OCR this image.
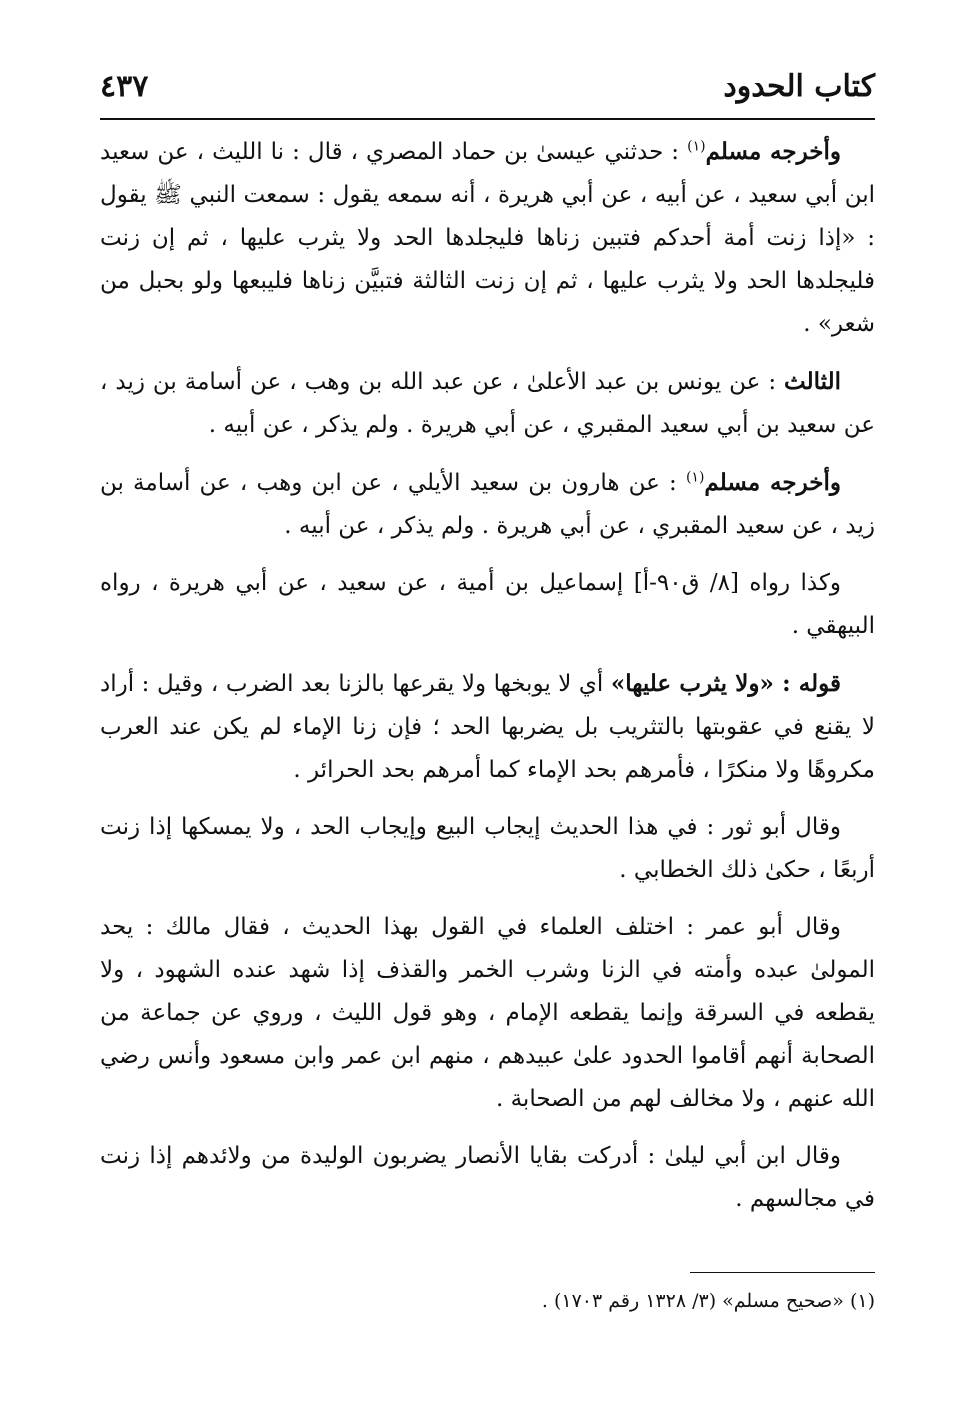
كتاب الحدود
٤٣٧

وأخرجه مسلم$^{(١)}$ : حدثني عيسىٰ بن حماد المصري ، قال : نا الليث ، عن سعيد ابن أبي سعيد ، عن أبيه ، عن أبي هريرة ، أنه سمعه يقول : سمعت النبي ﷺ يقول : «إذا زنت أمة أحدكم فتبين زناها فليجلدها الحد ولا يثرب عليها ، ثم إن زنت فليجلدها الحد ولا يثرب عليها ، ثم إن زنت الثالثة فتبيَّن زناها فليبعها ولو بحبل من شعر» .

الثالث : عن يونس بن عبد الأعلىٰ ، عن عبد الله بن وهب ، عن أسامة بن زيد ، عن سعيد بن أبي سعيد المقبري ، عن أبي هريرة . ولم يذكر ، عن أبيه .

وأخرجه مسلم$^{(١)}$ : عن هارون بن سعيد الأيلي ، عن ابن وهب ، عن أسامة بن زيد ، عن سعيد المقبري ، عن أبي هريرة . ولم يذكر ، عن أبيه .

وكذا رواه [٨/ ق٩٠-أ] إسماعيل بن أمية ، عن سعيد ، عن أبي هريرة ، رواه البيهقي .

قوله : «ولا يثرب عليها» أي لا يوبخها ولا يقرعها بالزنا بعد الضرب ، وقيل : أراد لا يقنع في عقوبتها بالتثريب بل يضربها الحد ؛ فإن زنا الإماء لم يكن عند العرب مكروهًا ولا منكرًا ، فأمرهم بحد الإماء كما أمرهم بحد الحرائر .

وقال أبو ثور : في هذا الحديث إيجاب البيع وإيجاب الحد ، ولا يمسكها إذا زنت أربعًا ، حكىٰ ذلك الخطابي .

وقال أبو عمر : اختلف العلماء في القول بهذا الحديث ، فقال مالك : يحد المولىٰ عبده وأمته في الزنا وشرب الخمر والقذف إذا شهد عنده الشهود ، ولا يقطعه في السرقة وإنما يقطعه الإمام ، وهو قول الليث ، وروي عن جماعة من الصحابة أنهم أقاموا الحدود علىٰ عبيدهم ، منهم ابن عمر وابن مسعود وأنس رضي الله عنهم ، ولا مخالف لهم من الصحابة .

وقال ابن أبي ليلىٰ : أدركت بقايا الأنصار يضربون الوليدة من ولائدهم إذا زنت في مجالسهم .

(١) «صحيح مسلم» (٣/ ١٣٢٨ رقم ١٧٠٣) .
